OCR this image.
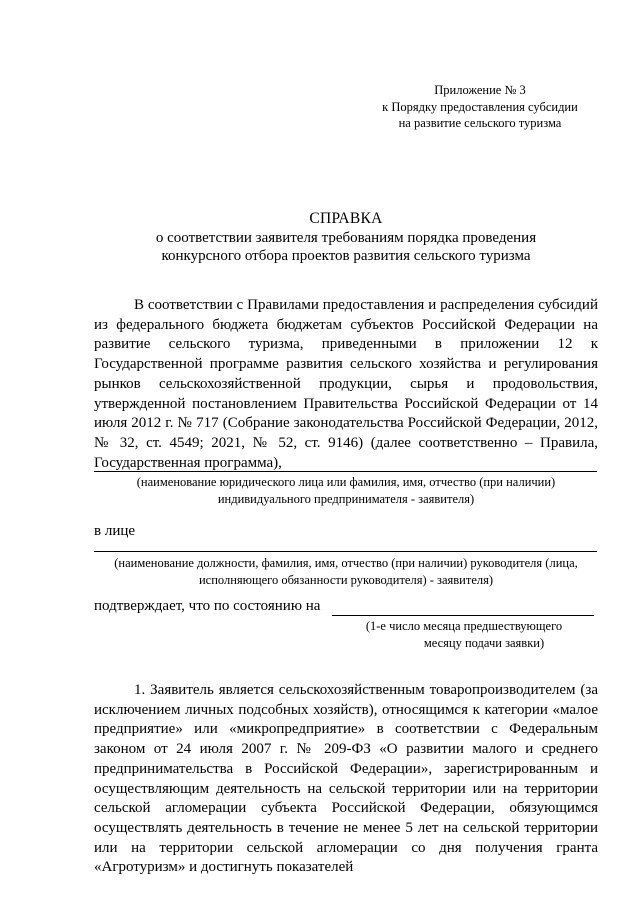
Приложение № 3
к Порядку предоставления субсидии
на развитие сельского туризма
СПРАВКА
о соответствии заявителя требованиям порядка проведения
конкурсного отбора проектов развития сельского туризма
В соответствии с Правилами предоставления и распределения субсидий из федерального бюджета бюджетам субъектов Российской Федерации на развитие сельского туризма, приведенными в приложении 12 к Государственной программе развития сельского хозяйства и регулирования рынков сельскохозяйственной продукции, сырья и продовольствия, утвержденной постановлением Правительства Российской Федерации от 14 июля 2012 г. № 717 (Собрание законодательства Российской Федерации, 2012, № 32, ст. 4549; 2021, № 52, ст. 9146) (далее соответственно – Правила, Государственная программа),
(наименование юридического лица или фамилия, имя, отчество (при наличии)
индивидуального предпринимателя - заявителя)
в лице
(наименование должности, фамилия, имя, отчество (при наличии) руководителя (лица,
исполняющего обязанности руководителя) - заявителя)
подтверждает, что по состоянию на
(1-е число месяца предшествующего
месяцу подачи заявки)
1. Заявитель является сельскохозяйственным товаропроизводителем (за исключением личных подсобных хозяйств), относящимся к категории «малое предприятие» или «микропредприятие» в соответствии с Федеральным законом от 24 июля 2007 г. № 209-ФЗ «О развитии малого и среднего предпринимательства в Российской Федерации», зарегистрированным и осуществляющим деятельность на сельской территории или на территории сельской агломерации субъекта Российской Федерации, обязующимся осуществлять деятельность в течение не менее 5 лет на сельской территории или на территории сельской агломерации со дня получения гранта «Агротуризм» и достигнуть показателей
